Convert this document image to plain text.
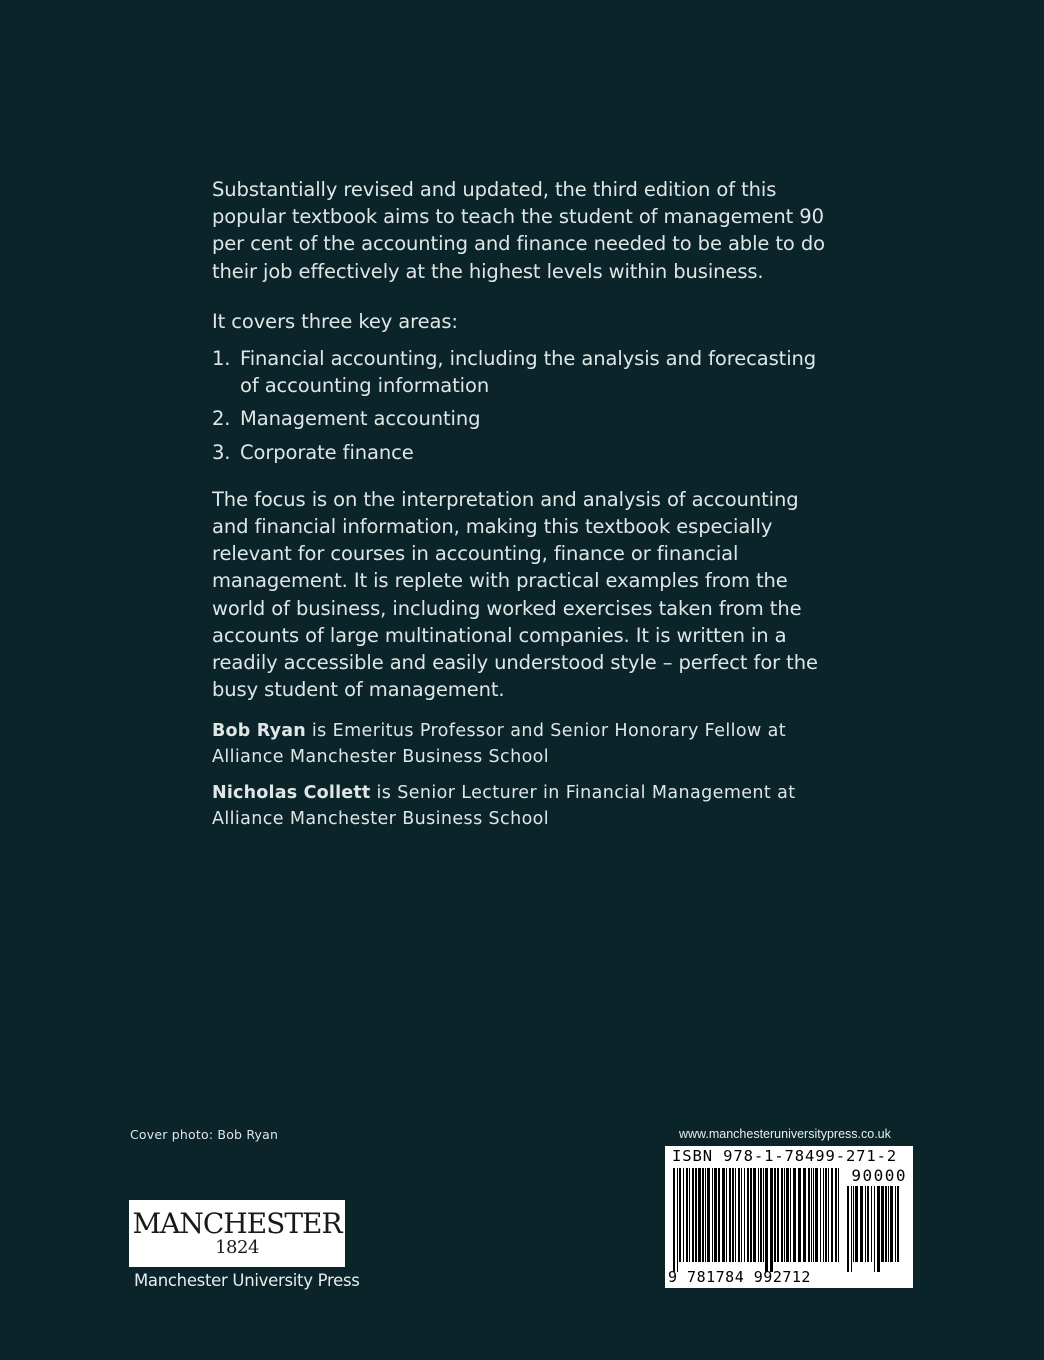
Substantially revised and updated, the third edition of this popular textbook aims to teach the student of management 90 per cent of the accounting and finance needed to be able to do their job effectively at the highest levels within business.

It covers three key areas:

1. Financial accounting, including the analysis and forecasting of accounting information
2. Management accounting
3. Corporate finance

The focus is on the interpretation and analysis of accounting and financial information, making this textbook especially relevant for courses in accounting, finance or financial management. It is replete with practical examples from the world of business, including worked exercises taken from the accounts of large multinational companies. It is written in a readily accessible and easily understood style – perfect for the busy student of management.

Bob Ryan is Emeritus Professor and Senior Honorary Fellow at Alliance Manchester Business School

Nicholas Collett is Senior Lecturer in Financial Management at Alliance Manchester Business School

Cover photo: Bob Ryan
MANCHESTER
1824
Manchester University Press
www.manchesteruniversitypress.co.uk
ISBN 978-1-78499-271-2
90000
9 781784 992712
